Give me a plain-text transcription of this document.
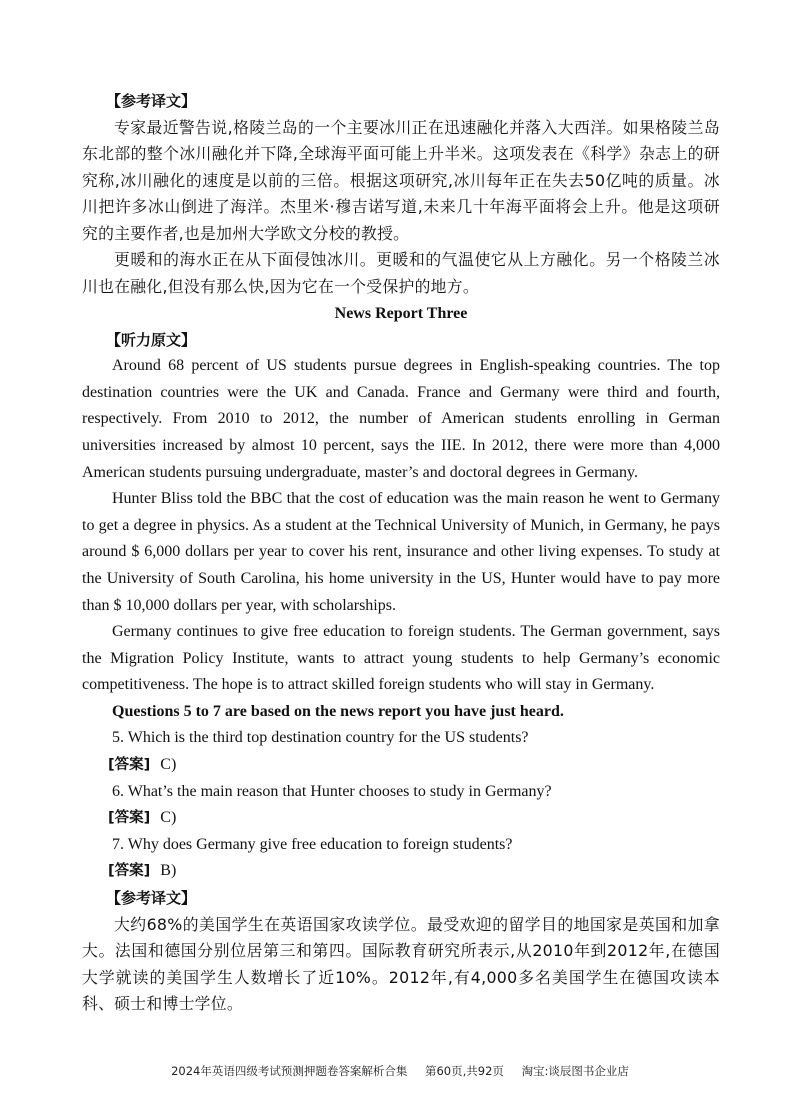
【参考译文】

专家最近警告说,格陵兰岛的一个主要冰川正在迅速融化并落入大西洋。如果格陵兰岛东北部的整个冰川融化并下降,全球海平面可能上升半米。这项发表在《科学》杂志上的研究称,冰川融化的速度是以前的三倍。根据这项研究,冰川每年正在失去50亿吨的质量。冰川把许多冰山倒进了海洋。杰里米·穆吉诺写道,未来几十年海平面将会上升。他是这项研究的主要作者,也是加州大学欧文分校的教授。

更暖和的海水正在从下面侵蚀冰川。更暖和的气温使它从上方融化。另一个格陵兰冰川也在融化,但没有那么快,因为它在一个受保护的地方。

News Report Three

【听力原文】

Around 68 percent of US students pursue degrees in English-speaking countries. The top destination countries were the UK and Canada. France and Germany were third and fourth, respectively. From 2010 to 2012, the number of American students enrolling in German universities increased by almost 10 percent, says the IIE. In 2012, there were more than 4,000 American students pursuing undergraduate, master’s and doctoral degrees in Germany.

Hunter Bliss told the BBC that the cost of education was the main reason he went to Germany to get a degree in physics. As a student at the Technical University of Munich, in Germany, he pays around $ 6,000 dollars per year to cover his rent, insurance and other living expenses. To study at the University of South Carolina, his home university in the US, Hunter would have to pay more than $ 10,000 dollars per year, with scholarships.

Germany continues to give free education to foreign students. The German government, says the Migration Policy Institute, wants to attract young students to help Germany’s economic competitiveness. The hope is to attract skilled foreign students who will stay in Germany.

Questions 5 to 7 are based on the news report you have just heard.

5. Which is the third top destination country for the US students?

[答案] C)

6. What’s the main reason that Hunter chooses to study in Germany?

[答案] C)

7. Why does Germany give free education to foreign students?

[答案] B)

【参考译文】

大约68%的美国学生在英语国家攻读学位。最受欢迎的留学目的地国家是英国和加拿大。法国和德国分别位居第三和第四。国际教育研究所表示,从2010年到2012年,在德国大学就读的美国学生人数增长了近10%。2012年,有4,000多名美国学生在德国攻读本科、硕士和博士学位。

2024年英语四级考试预测押题卷答案解析合集 第60页,共92页 淘宝:谈辰图书企业店
